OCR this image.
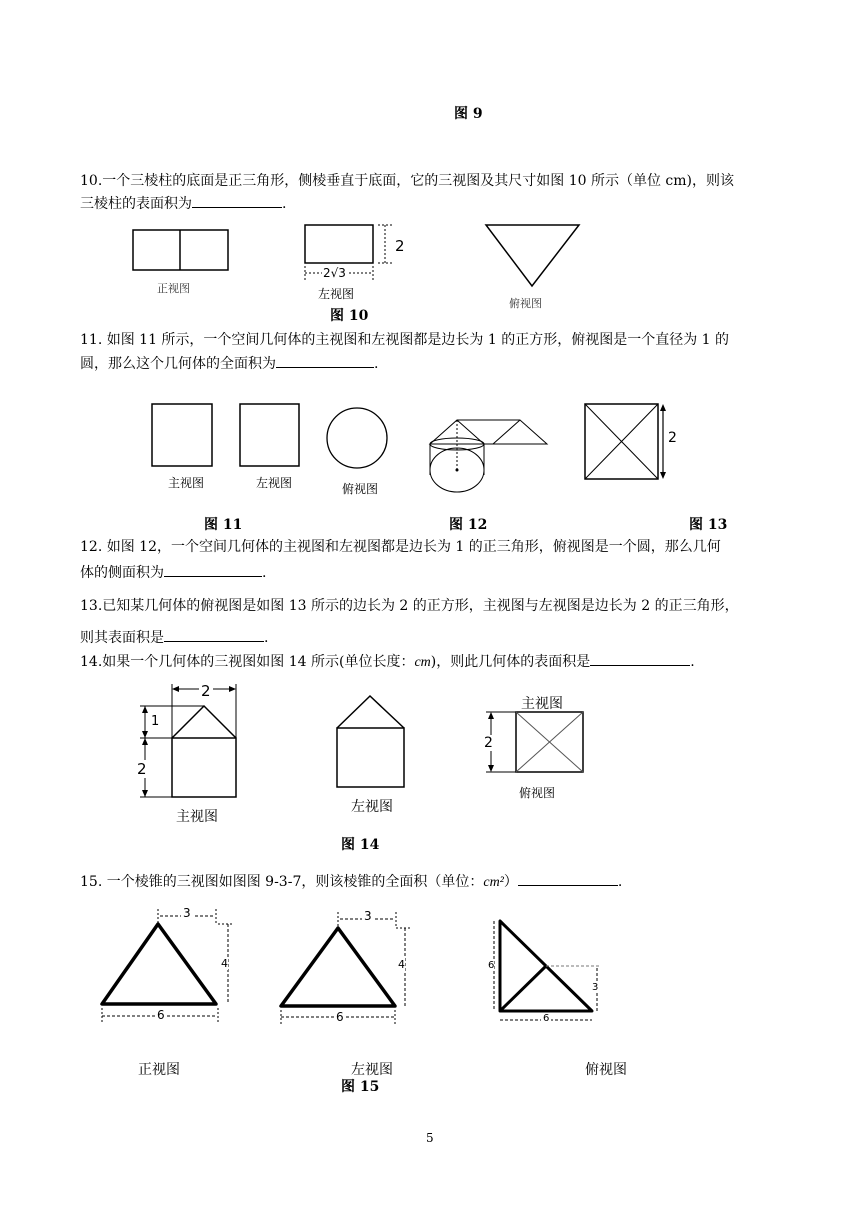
图 9
10.一个三棱柱的底面是正三角形，侧棱垂直于底面，它的三视图及其尺寸如图 10 所示（单位 cm)，则该
三棱柱的表面积为	.
2
2√3
正视图	左视图
俯视图
图 10
11. 如图 11 所示，一个空间几何体的主视图和左视图都是边长为 1 的正方形，俯视图是一个直径为 1 的
圆，那么这个几何体的全面积为	.
主视图	左视图	俯视图
2
图 11	图 12	图 13
12. 如图 12，一个空间几何体的主视图和左视图都是边长为 1 的正三角形，俯视图是一个圆，那么几何
体的侧面积为	.
13.已知某几何体的俯视图是如图 13 所示的边长为 2 的正方形，主视图与左视图是边长为 2 的正三角形，
则其表面积是	.
14.如果一个几何体的三视图如图 14 所示(单位长度：cm)，则此几何体的表面积是	.
2
1
2
主视图
左视图
主视图
2
俯视图
图 14
15. 一个棱锥的三视图如图图 9-3-7，则该棱锥的全面积（单位：cm²）	.
3
4
6
3
4
6
6
3
6
正视图	左视图	俯视图
图 15
5
